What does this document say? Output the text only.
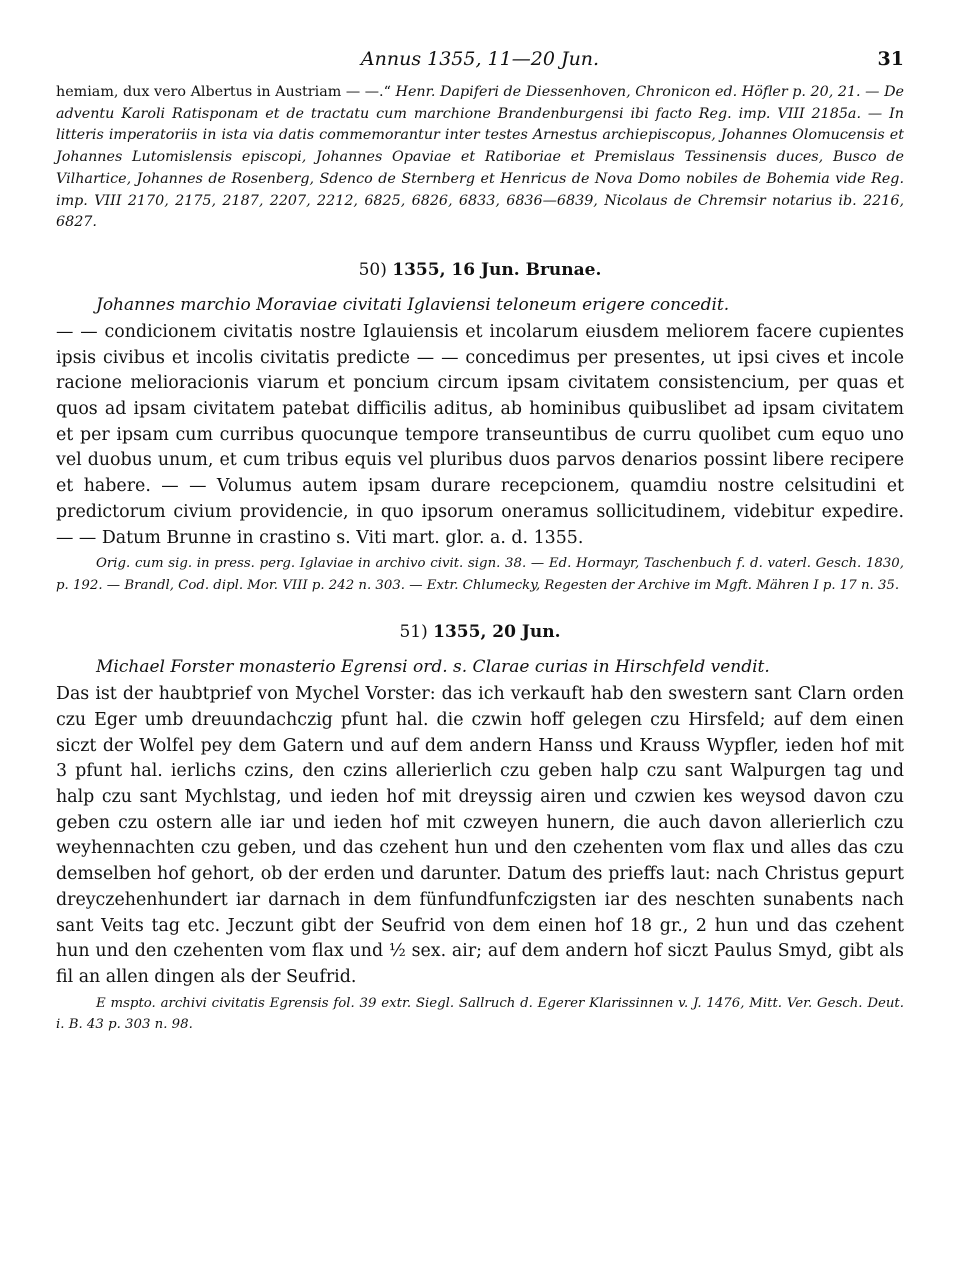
Annus 1355, 11—20 Jun.	31
hemiam, dux vero Albertus in Austriam — —.“ Henr. Dapiferi de Diessenhoven, Chronicon ed. Höfler p. 20, 21. — De adventu Karoli Ratisponam et de tractatu cum marchione Brandenburgensi ibi facto Reg. imp. VIII 2185a. — In litteris imperatoriis in ista via datis commemorantur inter testes Arnestus archiepiscopus, Johannes Olomucensis et Johannes Lutomislensis episcopi, Johannes Opaviae et Ratiboriae et Premislaus Tessinensis duces, Busco de Vilhartice, Johannes de Rosenberg, Sdenco de Sternberg et Henricus de Nova Domo nobiles de Bohemia vide Reg. imp. VIII 2170, 2175, 2187, 2207, 2212, 6825, 6826, 6833, 6836—6839, Nicolaus de Chremsir notarius ib. 2216, 6827.
50) 1355, 16 Jun. Brunae.
Johannes marchio Moraviae civitati Iglaviensi teloneum erigere concedit.
— — condicionem civitatis nostre Iglauiensis et incolarum eiusdem meliorem facere cupientes ipsis civibus et incolis civitatis predicte — — concedimus per presentes, ut ipsi cives et incole racione melioracionis viarum et poncium circum ipsam civitatem consistencium, per quas et quos ad ipsam civitatem patebat difficilis aditus, ab hominibus quibuslibet ad ipsam civitatem et per ipsam cum curribus quocunque tempore transeuntibus de curru quolibet cum equo uno vel duobus unum, et cum tribus equis vel pluribus duos parvos denarios possint libere recipere et habere. — — Volumus autem ipsam durare recepcionem, quamdiu nostre celsitudini et predictorum civium providencie, in quo ipsorum oneramus sollicitudinem, videbitur expedire. — — Datum Brunne in crastino s. Viti mart. glor. a. d. 1355.
Orig. cum sig. in press. perg. Iglaviae in archivo civit. sign. 38. — Ed. Hormayr, Taschenbuch f. d. vaterl. Gesch. 1830, p. 192. — Brandl, Cod. dipl. Mor. VIII p. 242 n. 303. — Extr. Chlumecky, Regesten der Archive im Mgft. Mähren I p. 17 n. 35.
51) 1355, 20 Jun.
Michael Forster monasterio Egrensi ord. s. Clarae curias in Hirschfeld vendit.
Das ist der haubtprief von Mychel Vorster: das ich verkauft hab den swestern sant Clarn orden czu Eger umb dreuundachczig pfunt hal. die czwin hoff gelegen czu Hirsfeld; auf dem einen siczt der Wolfel pey dem Gatern und auf dem andern Hanss und Krauss Wypfler, ieden hof mit 3 pfunt hal. ierlichs czins, den czins allerierlich czu geben halp czu sant Walpurgen tag und halp czu sant Mychlstag, und ieden hof mit dreyssig airen und czwien kes weysod davon czu geben czu ostern alle iar und ieden hof mit czweyen hunern, die auch davon allerierlich czu weyhennachten czu geben, und das czehent hun und den czehenten vom flax und alles das czu demselben hof gehort, ob der erden und darunter. Datum des prieffs laut: nach Christus gepurt dreyczehenhundert iar darnach in dem fünfundfunfczigsten iar des neschten sunabents nach sant Veits tag etc. Jeczunt gibt der Seufrid von dem einen hof 18 gr., 2 hun und das czehent hun und den czehenten vom flax und ½ sex. air; auf dem andern hof siczt Paulus Smyd, gibt als fil an allen dingen als der Seufrid.
E mspto. archivi civitatis Egrensis fol. 39 extr. Siegl. Sallruch d. Egerer Klarissinnen v. J. 1476, Mitt. Ver. Gesch. Deut. i. B. 43 p. 303 n. 98.
